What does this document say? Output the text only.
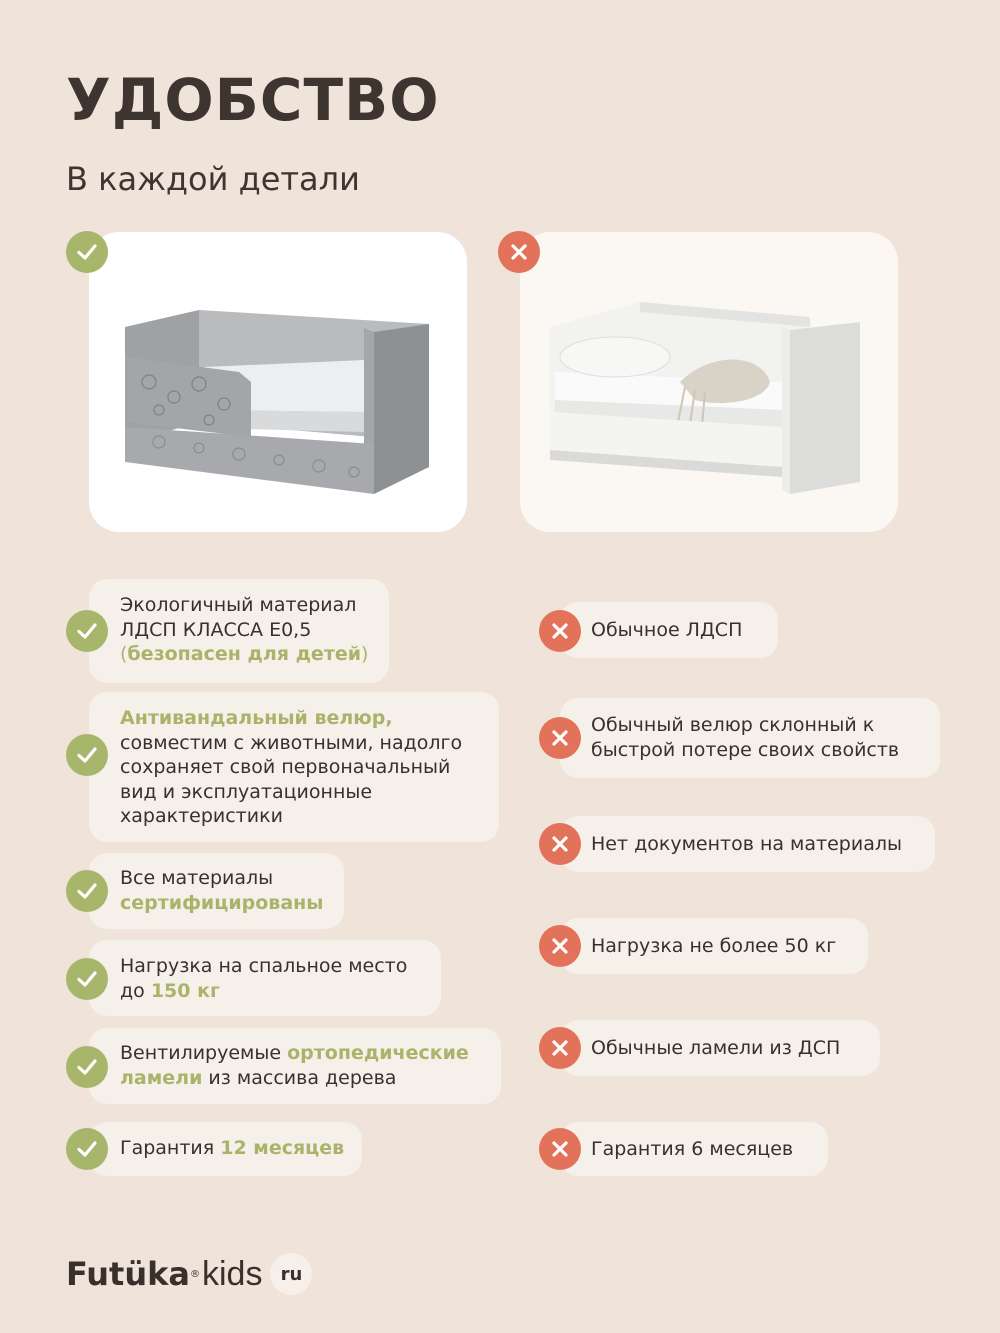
УДОБСТВО
В каждой детали
Экологичный материал
ЛДСП КЛАССА Е0,5
(безопасен для детей)
Антивандальный велюр,
совместим с животными, надолго
сохраняет свой первоначальный
вид и эксплуатационные
характеристики
Все материалы
сертифицированы
Нагрузка на спальное место
до 150 кг
Вентилируемые ортопедические
ламели из массива дерева
Гарантия 12 месяцев
Обычное ЛДСП
Обычный велюр склонный к
быстрой потере своих свойств
Нет документов на материалы
Нагрузка не более 50 кг
Обычные ламели из ДСП
Гарантия 6 месяцев
Futüka ® kids	ru
